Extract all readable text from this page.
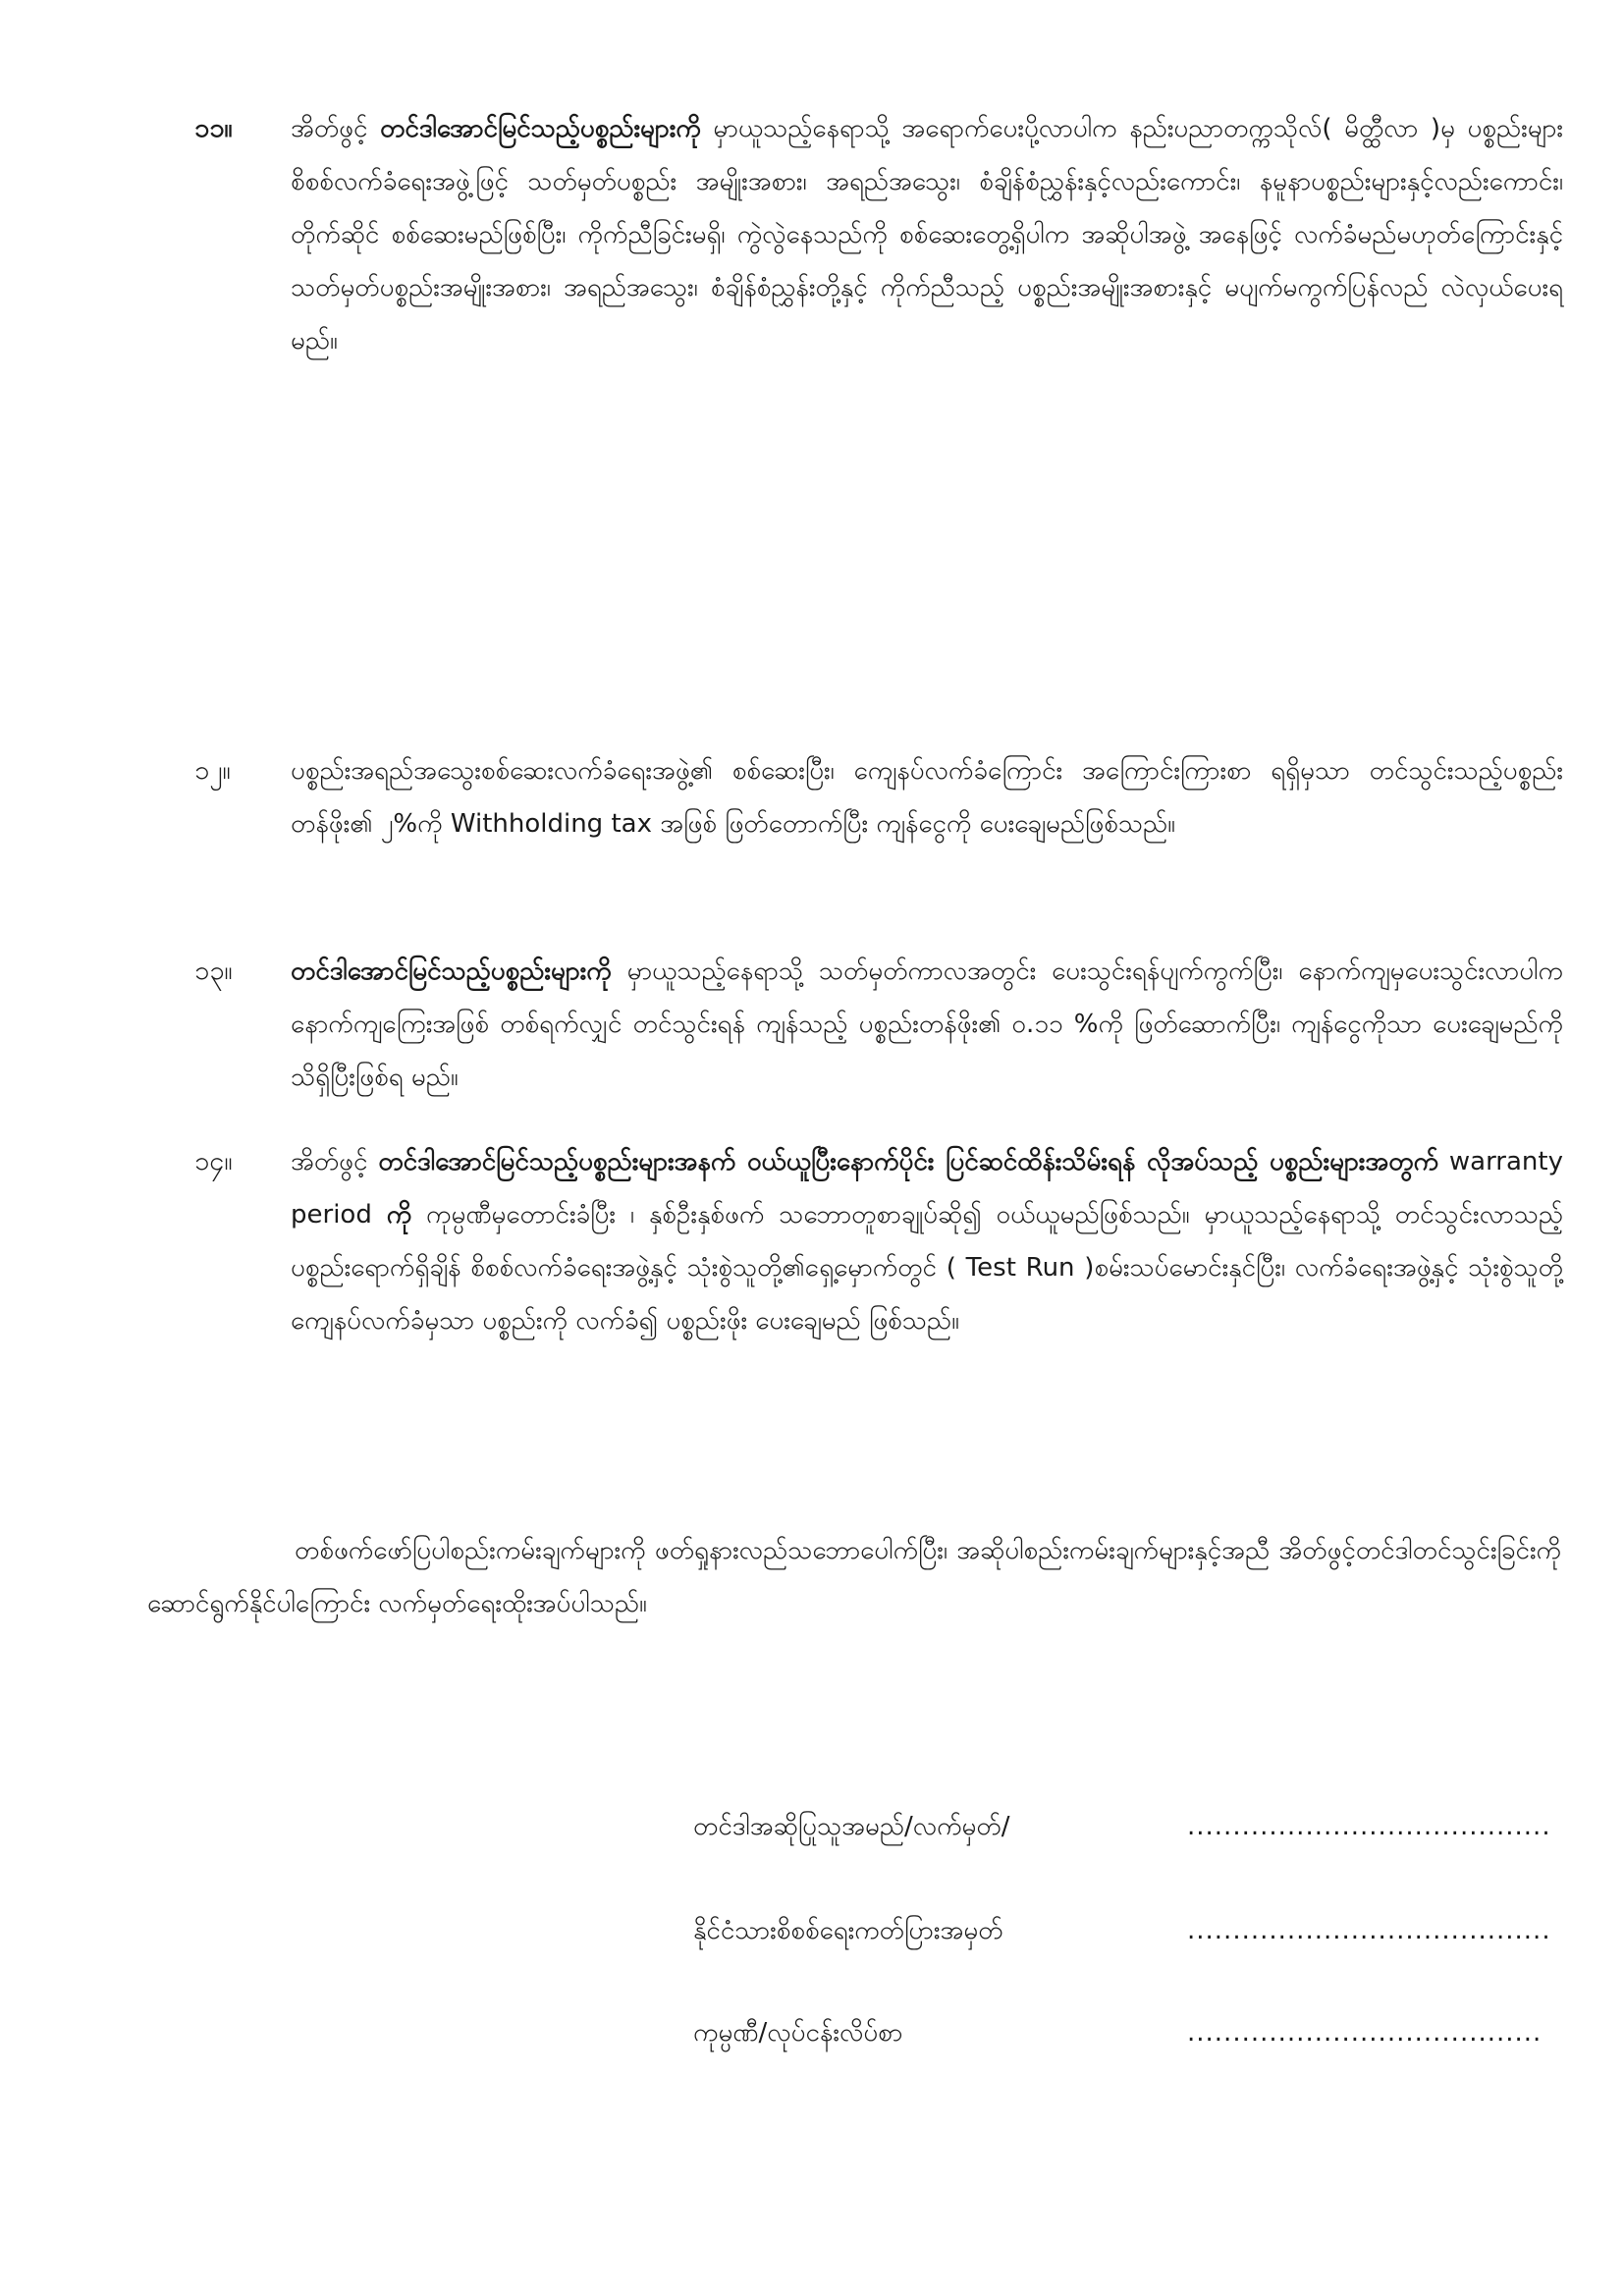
၁၁။	အိတ်ဖွင့် တင်ဒါအောင်မြင်သည့်ပစ္စည်းများကို မှာယူသည့်နေရာသို့ အရောက်ပေးပို့လာပါက နည်းပညာတက္ကသိုလ်( မိတ္ထီလာ )မှ ပစ္စည်းများစိစစ်လက်ခံရေးအဖွဲ့ဖြင့် သတ်မှတ်ပစ္စည်း အမျိုးအစား၊ အရည်အသွေး၊ စံချိန်စံညွှန်းနှင့်လည်းကောင်း၊ နမူနာပစ္စည်းများနှင့်လည်းကောင်း၊ တိုက်ဆိုင် စစ်ဆေးမည်ဖြစ်ပြီး၊ ကိုက်ညီခြင်းမရှိ၊ ကွဲလွဲနေသည်ကို စစ်ဆေးတွေ့ရှိပါက အဆိုပါအဖွဲ့ အနေဖြင့် လက်ခံမည်မဟုတ်ကြောင်းနှင့် သတ်မှတ်ပစ္စည်းအမျိုးအစား၊ အရည်အသွေး၊ စံချိန်စံညွှန်းတို့နှင့် ကိုက်ညီသည့် ပစ္စည်းအမျိုးအစားနှင့် မပျက်မကွက်ပြန်လည် လဲလှယ်ပေးရမည်။
၁၂။	ပစ္စည်းအရည်အသွေးစစ်ဆေးလက်ခံရေးအဖွဲ့၏ စစ်ဆေးပြီး၊ ကျေနပ်လက်ခံကြောင်း အကြောင်းကြားစာ ရရှိမှသာ တင်သွင်းသည့်ပစ္စည်းတန်ဖိုး၏ ၂%ကို Withholding tax အဖြစ် ဖြတ်တောက်ပြီး ကျန်ငွေကို ပေးချေမည်ဖြစ်သည်။
၁၃။	တင်ဒါအောင်မြင်သည့်ပစ္စည်းများကို မှာယူသည့်နေရာသို့ သတ်မှတ်ကာလအတွင်း ပေးသွင်းရန်ပျက်ကွက်ပြီး၊ နောက်ကျမှပေးသွင်းလာပါက နောက်ကျကြေးအဖြစ် တစ်ရက်လျှင် တင်သွင်းရန် ကျန်သည့် ပစ္စည်းတန်ဖိုး၏ ၀.၁၁ %ကို ဖြတ်ဆောက်ပြီး၊ ကျန်ငွေကိုသာ ပေးချေမည်ကို သိရှိပြီးဖြစ်ရ မည်။
၁၄။	အိတ်ဖွင့် တင်ဒါအောင်မြင်သည့်ပစ္စည်းများအနက် ဝယ်ယူပြီးနောက်ပိုင်း ပြင်ဆင်ထိန်းသိမ်းရန် လိုအပ်သည့် ပစ္စည်းများအတွက် warranty period ကို ကုမ္ပဏီမှတောင်းခံပြီး ၊ နှစ်ဦးနှစ်ဖက် သဘောတူစာချုပ်ဆို၍ ဝယ်ယူမည်ဖြစ်သည်။ မှာယူသည့်နေရာသို့ တင်သွင်းလာသည့် ပစ္စည်းရောက်ရှိချိန် စိစစ်လက်ခံရေးအဖွဲ့နှင့် သုံးစွဲသူတို့၏ရှေ့မှောက်တွင် ( Test Run )စမ်းသပ်မောင်းနှင်ပြီး၊ လက်ခံရေးအဖွဲ့နှင့် သုံးစွဲသူတို့ ကျေနပ်လက်ခံမှသာ ပစ္စည်းကို လက်ခံ၍ ပစ္စည်းဖိုး ပေးချေမည် ဖြစ်သည်။
တစ်ဖက်ဖော်ပြပါစည်းကမ်းချက်များကို ဖတ်ရှုနားလည်သဘောပေါက်ပြီး၊ အဆိုပါစည်းကမ်းချက်များနှင့်အညီ အိတ်ဖွင့်တင်ဒါတင်သွင်းခြင်းကို ဆောင်ရွက်နိုင်ပါကြောင်း လက်မှတ်ရေးထိုးအပ်ပါသည်။
တင်ဒါအဆိုပြုသူအမည်/လက်မှတ်/	........................................
နိုင်ငံသားစိစစ်ရေးကတ်ပြားအမှတ်	........................................
ကုမ္ပဏီ/လုပ်ငန်းလိပ်စာ	.......................................
